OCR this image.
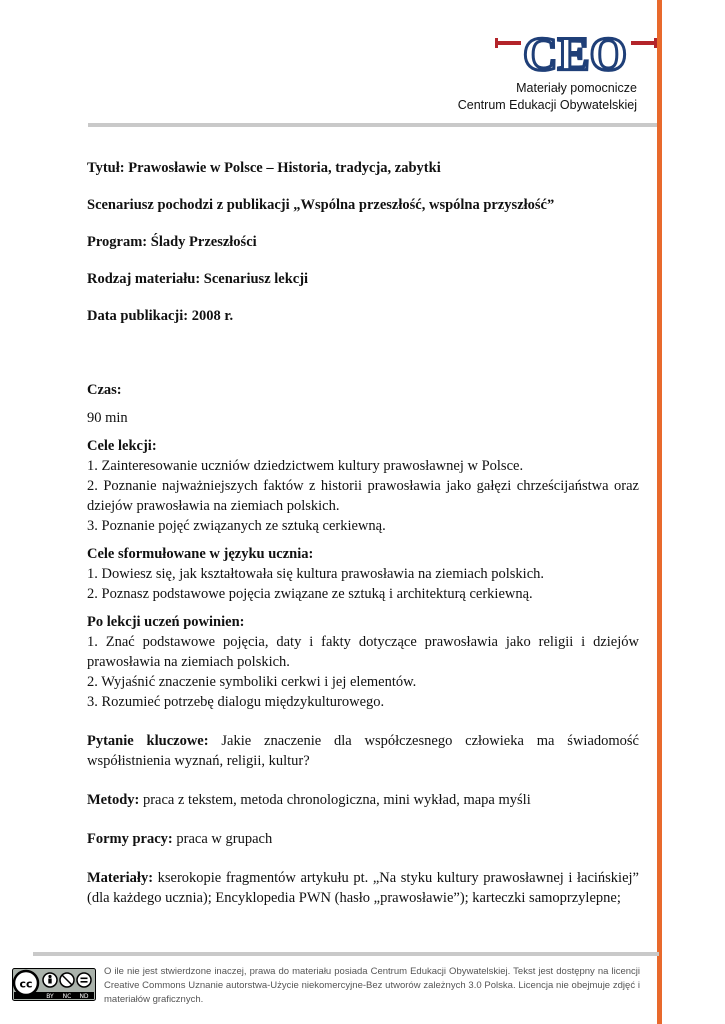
CEO
Materiały pomocnicze
Centrum Edukacji Obywatelskiej

Tytuł: Prawosławie w Polsce – Historia, tradycja, zabytki

Scenariusz pochodzi z publikacji „Wspólna przeszłość, wspólna przyszłość”

Program: Ślady Przeszłości

Rodzaj materiału: Scenariusz lekcji

Data publikacji: 2008 r.

Czas:

90 min

Cele lekcji:

1. Zainteresowanie uczniów dziedzictwem kultury prawosławnej w Polsce.

2. Poznanie najważniejszych faktów z historii prawosławia jako gałęzi chrześcijaństwa oraz dziejów prawosławia na ziemiach polskich.

3. Poznanie pojęć związanych ze sztuką cerkiewną.

Cele sformułowane w języku ucznia:

1. Dowiesz się, jak kształtowała się kultura prawosławia na ziemiach polskich.

2. Poznasz podstawowe pojęcia związane ze sztuką i architekturą cerkiewną.

Po lekcji uczeń powinien:

1. Znać podstawowe pojęcia, daty i fakty dotyczące prawosławia jako religii i dziejów prawosławia na ziemiach polskich.

2. Wyjaśnić znaczenie symboliki cerkwi i jej elementów.

3. Rozumieć potrzebę dialogu międzykulturowego.

Pytanie kluczowe: Jakie znaczenie dla współczesnego człowieka ma świadomość współistnienia wyznań, religii, kultur?

Metody: praca z tekstem, metoda chronologiczna, mini wykład, mapa myśli

Formy pracy: praca w grupach

Materiały: kserokopie fragmentów artykułu pt. „Na styku kultury prawosławnej i łacińskiej” (dla każdego ucznia); Encyklopedia PWN (hasło „prawosławie”); karteczki samoprzylepne;

cc
BY NC ND
O ile nie jest stwierdzone inaczej, prawa do materiału posiada Centrum Edukacji Obywatelskiej. Tekst jest dostępny na licencji Creative Commons Uznanie autorstwa-Użycie niekomercyjne-Bez utworów zależnych 3.0 Polska. Licencja nie obejmuje zdjęć i materiałów graficznych.
